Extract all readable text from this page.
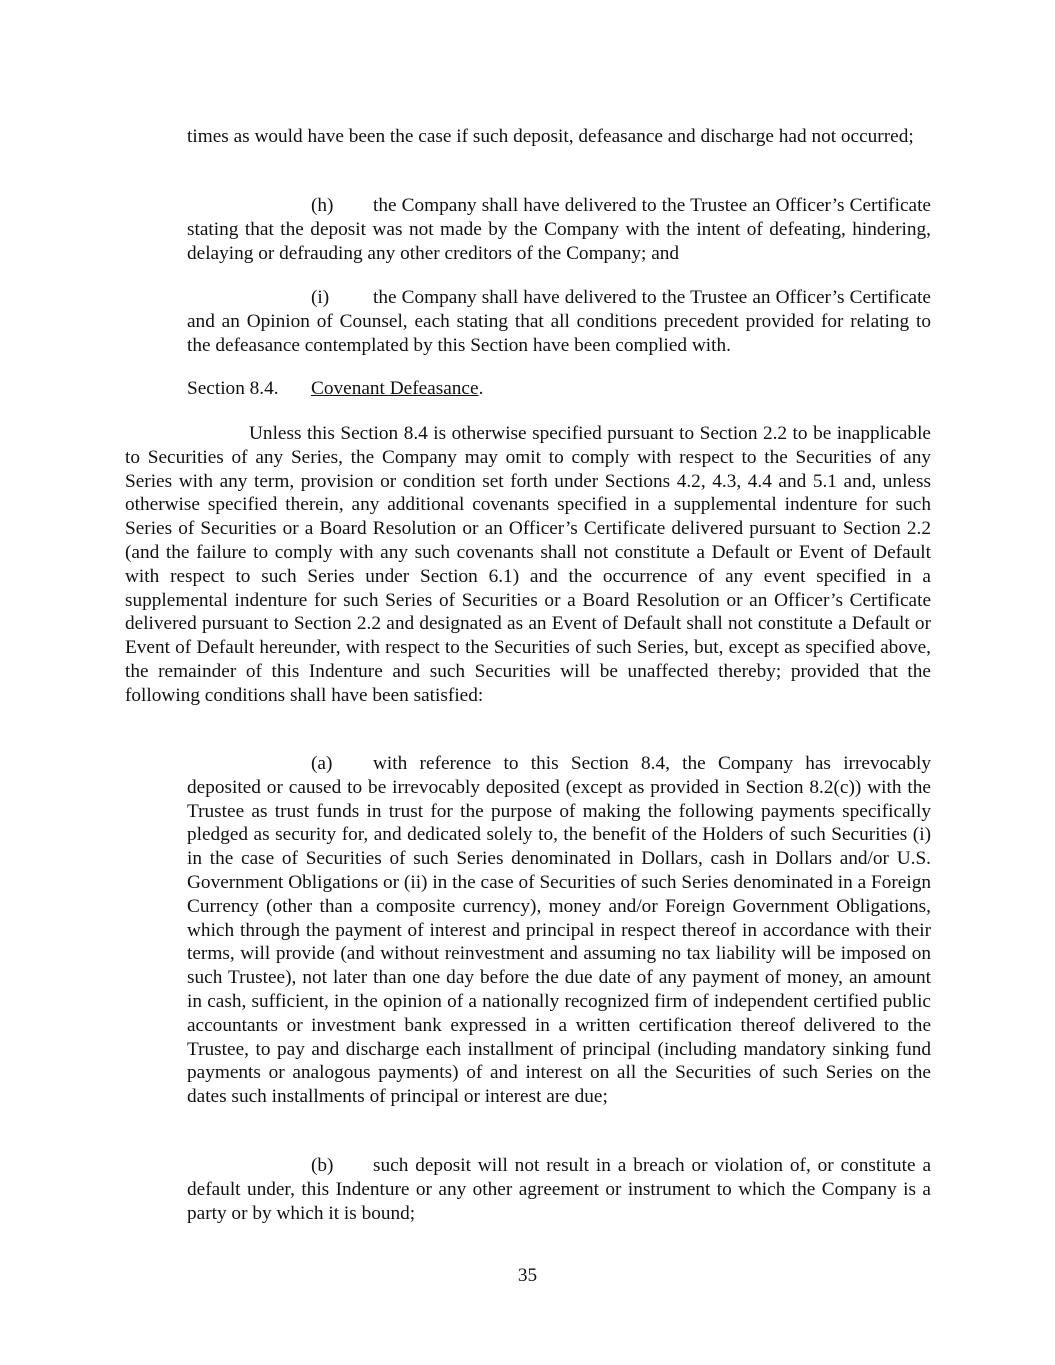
times as would have been the case if such deposit, defeasance and discharge had not occurred;

(h) the Company shall have delivered to the Trustee an Officer’s Certificate stating that the deposit was not made by the Company with the intent of defeating, hindering, delaying or defrauding any other creditors of the Company; and

(i) the Company shall have delivered to the Trustee an Officer’s Certificate and an Opinion of Counsel, each stating that all conditions precedent provided for relating to the defeasance contemplated by this Section have been complied with.

Section 8.4. Covenant Defeasance.

Unless this Section 8.4 is otherwise specified pursuant to Section 2.2 to be inapplicable to Securities of any Series, the Company may omit to comply with respect to the Securities of any Series with any term, provision or condition set forth under Sections 4.2, 4.3, 4.4 and 5.1 and, unless otherwise specified therein, any additional covenants specified in a supplemental indenture for such Series of Securities or a Board Resolution or an Officer’s Certificate delivered pursuant to Section 2.2 (and the failure to comply with any such covenants shall not constitute a Default or Event of Default with respect to such Series under Section 6.1) and the occurrence of any event specified in a supplemental indenture for such Series of Securities or a Board Resolution or an Officer’s Certificate delivered pursuant to Section 2.2 and designated as an Event of Default shall not constitute a Default or Event of Default hereunder, with respect to the Securities of such Series, but, except as specified above, the remainder of this Indenture and such Securities will be unaffected thereby; provided that the following conditions shall have been satisfied:

(a) with reference to this Section 8.4, the Company has irrevocably deposited or caused to be irrevocably deposited (except as provided in Section 8.2(c)) with the Trustee as trust funds in trust for the purpose of making the following payments specifically pledged as security for, and dedicated solely to, the benefit of the Holders of such Securities (i) in the case of Securities of such Series denominated in Dollars, cash in Dollars and/or U.S. Government Obligations or (ii) in the case of Securities of such Series denominated in a Foreign Currency (other than a composite currency), money and/or Foreign Government Obligations, which through the payment of interest and principal in respect thereof in accordance with their terms, will provide (and without reinvestment and assuming no tax liability will be imposed on such Trustee), not later than one day before the due date of any payment of money, an amount in cash, sufficient, in the opinion of a nationally recognized firm of independent certified public accountants or investment bank expressed in a written certification thereof delivered to the Trustee, to pay and discharge each installment of principal (including mandatory sinking fund payments or analogous payments) of and interest on all the Securities of such Series on the dates such installments of principal or interest are due;

(b) such deposit will not result in a breach or violation of, or constitute a default under, this Indenture or any other agreement or instrument to which the Company is a party or by which it is bound;

35
